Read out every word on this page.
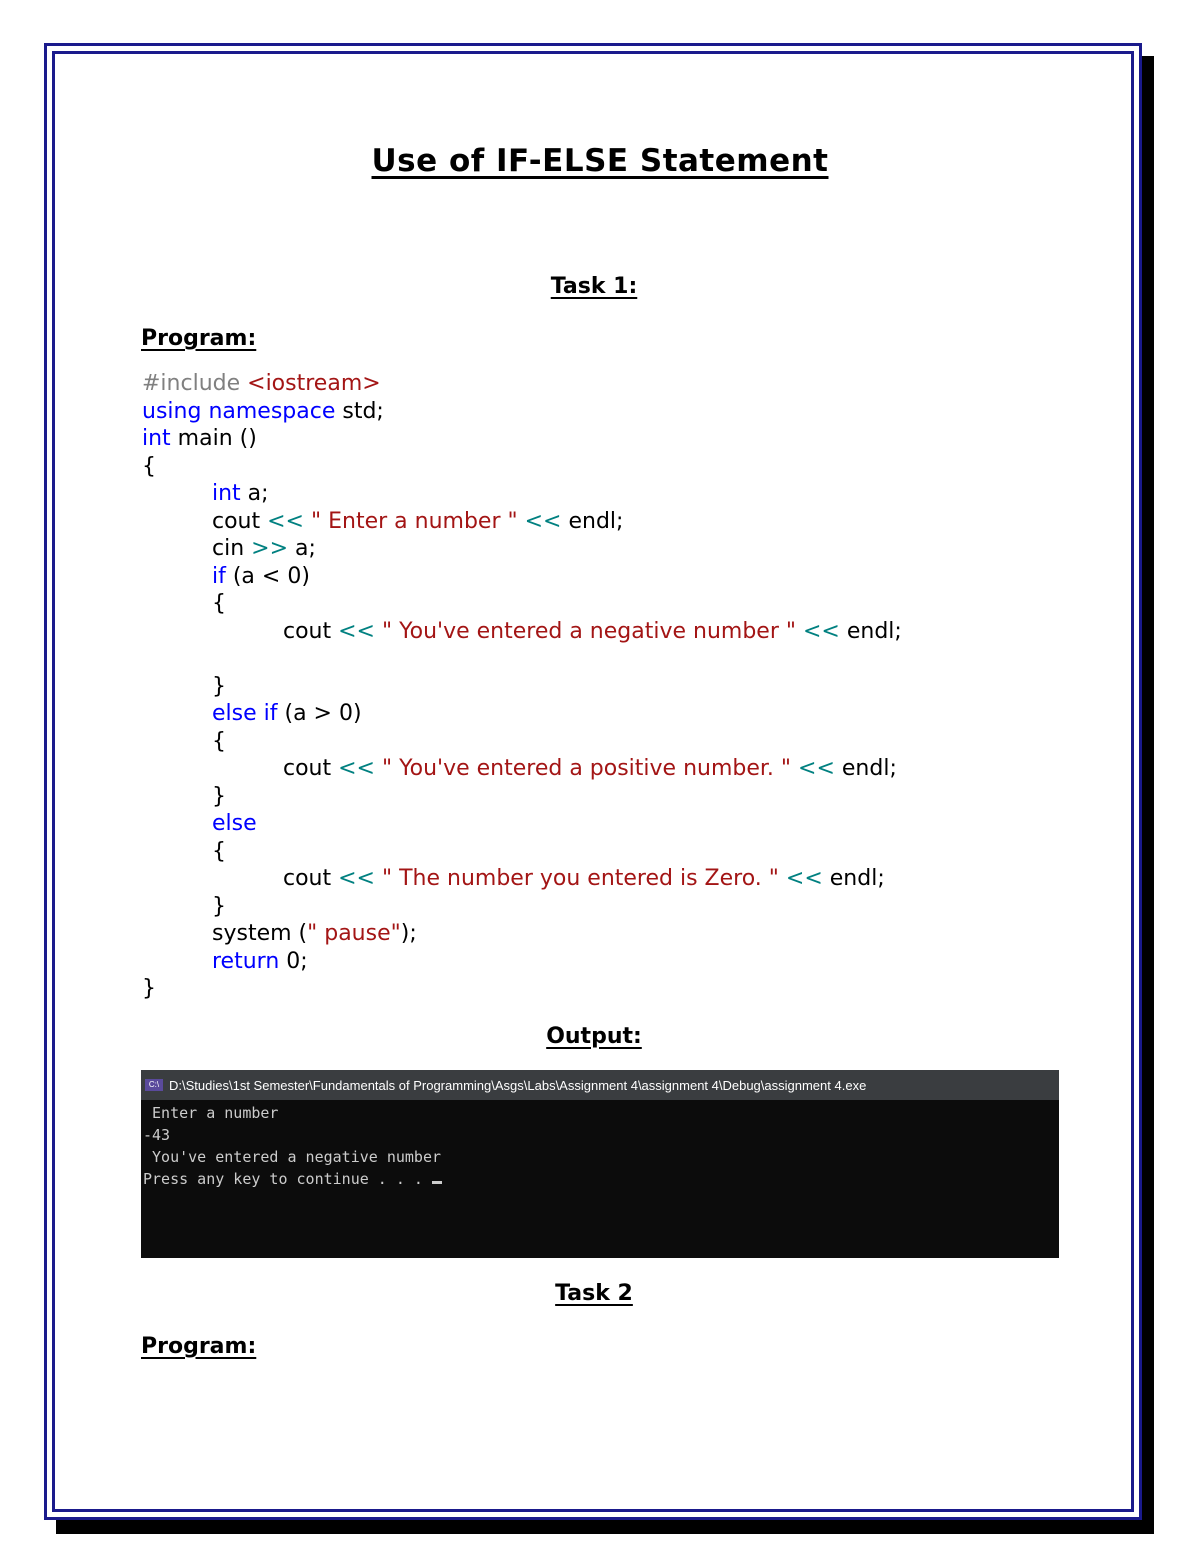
Use of IF-ELSE Statement
Task 1:
Program:
#include <iostream>
using namespace std;
int main ()
{
int a;
cout << " Enter a number " << endl;
cin >> a;
if (a < 0)
{
cout << " You've entered a negative number " << endl;
}
else if (a > 0)
{
cout << " You've entered a positive number. " << endl;
}
else
{
cout << " The number you entered is Zero. " << endl;
}
system (" pause");
return 0;
}
Output:
C:\ D:\Studies\1st Semester\Fundamentals of Programming\Asgs\Labs\Assignment 4\assignment 4\Debug\assignment 4.exe
Enter a number
-43
You've entered a negative number
Press any key to continue . . .
Task 2
Program:
